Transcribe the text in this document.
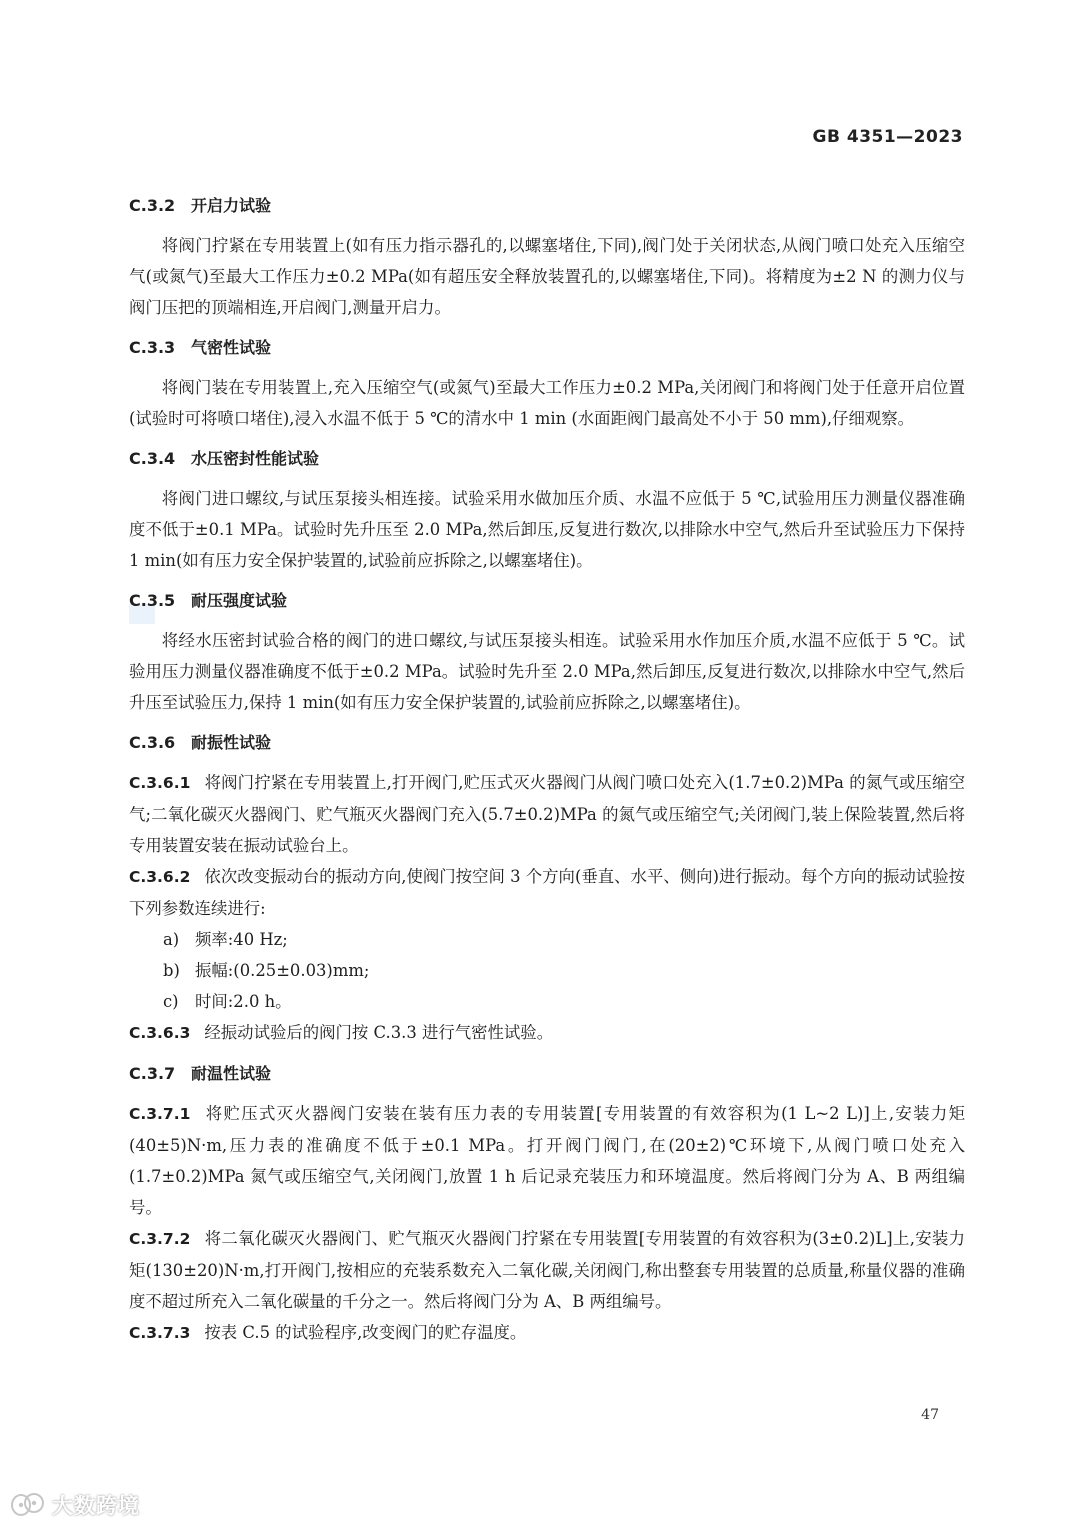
GB 4351—2023
C.3.2 开启力试验

将阀门拧紧在专用装置上(如有压力指示器孔的,以螺塞堵住,下同),阀门处于关闭状态,从阀门喷口处充入压缩空气(或氮气)至最大工作压力±0.2 MPa(如有超压安全释放装置孔的,以螺塞堵住,下同)。将精度为±2 N 的测力仪与阀门压把的顶端相连,开启阀门,测量开启力。

C.3.3 气密性试验

将阀门装在专用装置上,充入压缩空气(或氮气)至最大工作压力±0.2 MPa,关闭阀门和将阀门处于任意开启位置(试验时可将喷口堵住),浸入水温不低于 5 ℃的清水中 1 min (水面距阀门最高处不小于 50 mm),仔细观察。

C.3.4 水压密封性能试验

将阀门进口螺纹,与试压泵接头相连接。试验采用水做加压介质、水温不应低于 5 ℃,试验用压力测量仪器准确度不低于±0.1 MPa。试验时先升压至 2.0 MPa,然后卸压,反复进行数次,以排除水中空气,然后升至试验压力下保持 1 min(如有压力安全保护装置的,试验前应拆除之,以螺塞堵住)。

C.3.5 耐压强度试验

将经水压密封试验合格的阀门的进口螺纹,与试压泵接头相连。试验采用水作加压介质,水温不应低于 5 ℃。试验用压力测量仪器准确度不低于±0.2 MPa。试验时先升至 2.0 MPa,然后卸压,反复进行数次,以排除水中空气,然后升压至试验压力,保持 1 min(如有压力安全保护装置的,试验前应拆除之,以螺塞堵住)。

C.3.6 耐振性试验

C.3.6.1 将阀门拧紧在专用装置上,打开阀门,贮压式灭火器阀门从阀门喷口处充入(1.7±0.2)MPa 的氮气或压缩空气;二氧化碳灭火器阀门、贮气瓶灭火器阀门充入(5.7±0.2)MPa 的氮气或压缩空气;关闭阀门,装上保险装置,然后将专用装置安装在振动试验台上。

C.3.6.2 依次改变振动台的振动方向,使阀门按空间 3 个方向(垂直、水平、侧向)进行振动。每个方向的振动试验按下列参数连续进行:

a) 频率:40 Hz;

b) 振幅:(0.25±0.03)mm;

c) 时间:2.0 h。

C.3.6.3 经振动试验后的阀门按 C.3.3 进行气密性试验。

C.3.7 耐温性试验

C.3.7.1 将贮压式灭火器阀门安装在装有压力表的专用装置[专用装置的有效容积为(1 L~2 L)]上,安装力矩(40±5)N·m,压力表的准确度不低于±0.1 MPa。打开阀门阀门,在(20±2)℃环境下,从阀门喷口处充入(1.7±0.2)MPa 氮气或压缩空气,关闭阀门,放置 1 h 后记录充装压力和环境温度。然后将阀门分为 A、B 两组编号。

C.3.7.2 将二氧化碳灭火器阀门、贮气瓶灭火器阀门拧紧在专用装置[专用装置的有效容积为(3±0.2)L]上,安装力矩(130±20)N·m,打开阀门,按相应的充装系数充入二氧化碳,关闭阀门,称出整套专用装置的总质量,称量仪器的准确度不超过所充入二氧化碳量的千分之一。然后将阀门分为 A、B 两组编号。

C.3.7.3 按表 C.5 的试验程序,改变阀门的贮存温度。

47
大数跨境
